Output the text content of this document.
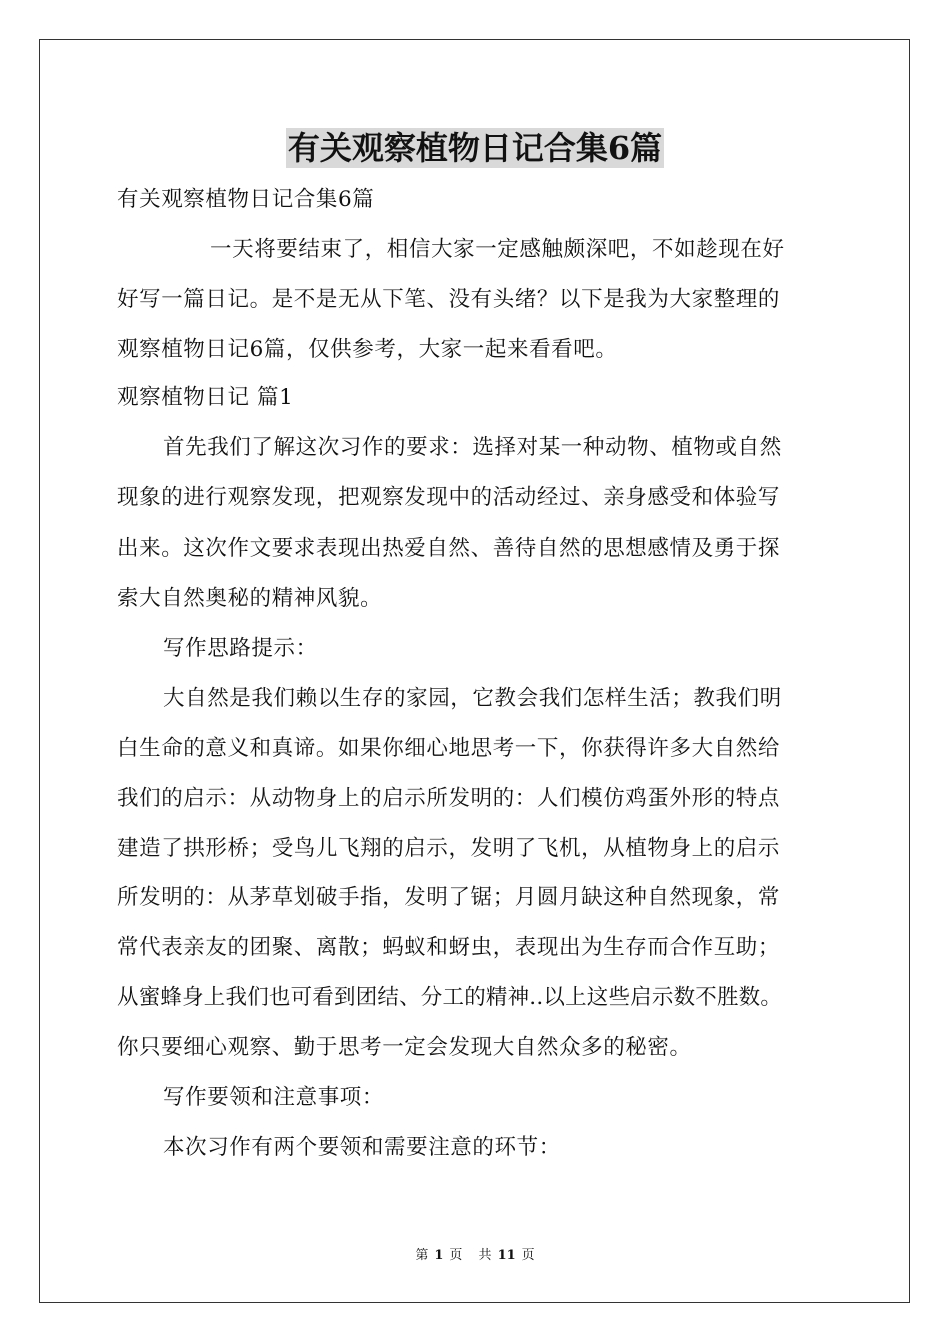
有关观察植物日记合集6篇
有关观察植物日记合集6篇
一天将要结束了，相信大家一定感触颇深吧，不如趁现在好
好写一篇日记。是不是无从下笔、没有头绪？以下是我为大家整理的
观察植物日记6篇，仅供参考，大家一起来看看吧。
观察植物日记 篇1
首先我们了解这次习作的要求：选择对某一种动物、植物或自然
现象的进行观察发现，把观察发现中的活动经过、亲身感受和体验写
出来。这次作文要求表现出热爱自然、善待自然的思想感情及勇于探
索大自然奥秘的精神风貌。
写作思路提示：
大自然是我们赖以生存的家园，它教会我们怎样生活；教我们明
白生命的意义和真谛。如果你细心地思考一下，你获得许多大自然给
我们的启示：从动物身上的启示所发明的：人们模仿鸡蛋外形的特点
建造了拱形桥；受鸟儿飞翔的启示，发明了飞机，从植物身上的启示
所发明的：从茅草划破手指，发明了锯；月圆月缺这种自然现象，常
常代表亲友的团聚、离散；蚂蚁和蚜虫，表现出为生存而合作互助；
从蜜蜂身上我们也可看到团结、分工的精神..以上这些启示数不胜数。
你只要细心观察、勤于思考一定会发现大自然众多的秘密。
写作要领和注意事项：
本次习作有两个要领和需要注意的环节：
第 1 页 共 11 页
